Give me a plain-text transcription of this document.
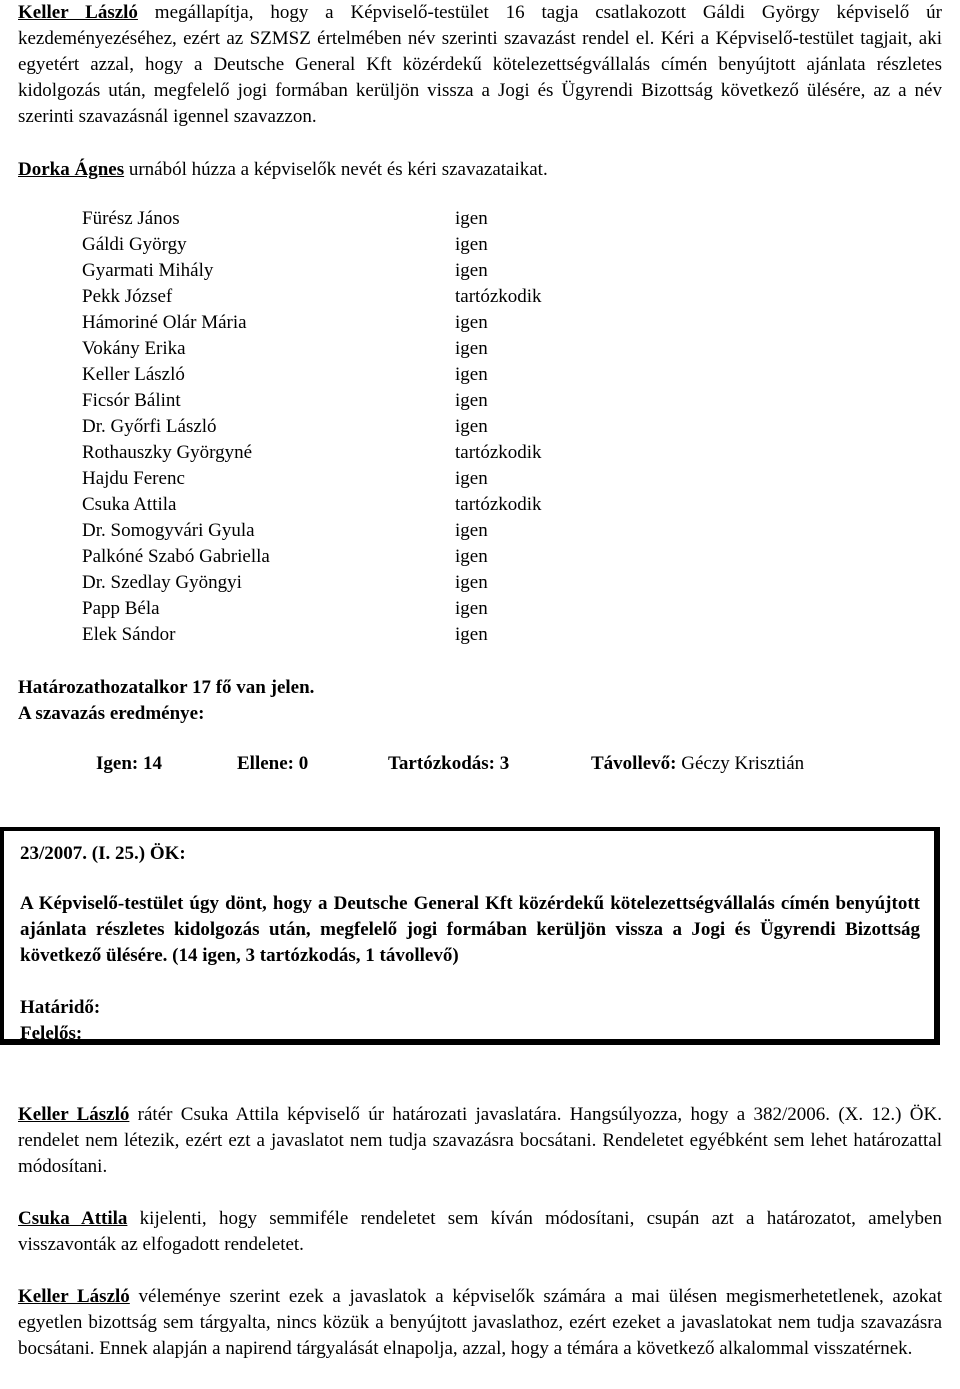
Keller László megállapítja, hogy a Képviselő-testület 16 tagja csatlakozott Gáldi György képviselő úr kezdeményezéséhez, ezért az SZMSZ értelmében név szerinti szavazást rendel el. Kéri a Képviselő-testület tagjait, aki egyetért azzal, hogy a Deutsche General Kft közérdekű kötelezettségvállalás címén benyújtott ajánlata részletes kidolgozás után, megfelelő jogi formában kerüljön vissza a Jogi és Ügyrendi Bizottság következő ülésére, az a név szerinti szavazásnál igennel szavazzon.

Dorka Ágnes urnából húzza a képviselők nevét és kéri szavazataikat.

Fürész János	igen
Gáldi György	igen
Gyarmati Mihály	igen
Pekk József	tartózkodik
Hámoriné Olár Mária	igen
Vokány Erika	igen
Keller László	igen
Ficsór Bálint	igen
Dr. Győrfi László	igen
Rothauszky Györgyné	tartózkodik
Hajdu Ferenc	igen
Csuka Attila	tartózkodik
Dr. Somogyvári Gyula	igen
Palkóné Szabó Gabriella	igen
Dr. Szedlay Gyöngyi	igen
Papp Béla	igen
Elek Sándor	igen
Határozathozatalkor 17 fő van jelen.
A szavazás eredménye:
Igen: 14	Ellene: 0	Tartózkodás: 3	Távollevő: Géczy Krisztián
23/2007. (I. 25.) ÖK:
A Képviselő-testület úgy dönt, hogy a Deutsche General Kft közérdekű kötelezettségvállalás címén benyújtott ajánlata részletes kidolgozás után, megfelelő jogi formában kerüljön vissza a Jogi és Ügyrendi Bizottság következő ülésére. (14 igen, 3 tartózkodás, 1 távollevő)
Határidő:
Felelős:

Keller László rátér Csuka Attila képviselő úr határozati javaslatára. Hangsúlyozza, hogy a 382/2006. (X. 12.) ÖK. rendelet nem létezik, ezért ezt a javaslatot nem tudja szavazásra bocsátani. Rendeletet egyébként sem lehet határozattal módosítani.

Csuka Attila kijelenti, hogy semmiféle rendeletet sem kíván módosítani, csupán azt a határozatot, amelyben visszavonták az elfogadott rendeletet.

Keller László véleménye szerint ezek a javaslatok a képviselők számára a mai ülésen megismerhetetlenek, azokat egyetlen bizottság sem tárgyalta, nincs közük a benyújtott javaslathoz, ezért ezeket a javaslatokat nem tudja szavazásra bocsátani. Ennek alapján a napirend tárgyalását elnapolja, azzal, hogy a témára a következő alkalommal visszatérnek.
